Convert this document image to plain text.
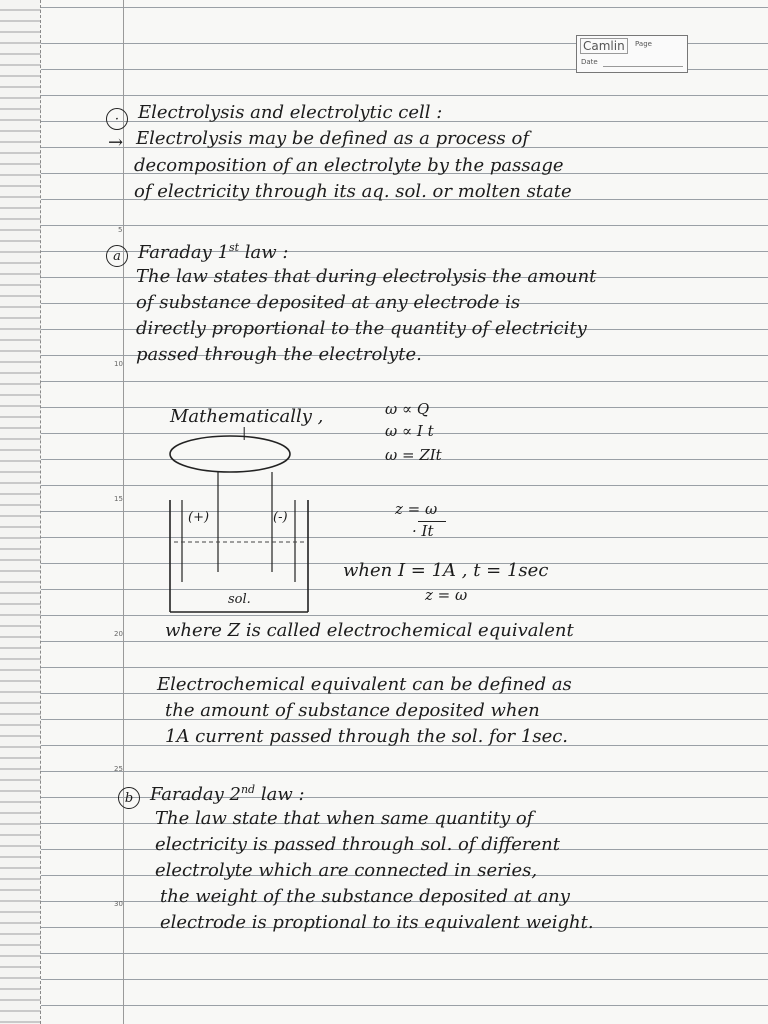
5
10
15
20
25
30
Camlin	Page
Date
·	Electrolysis and electrolytic cell :
→ Electrolysis may be defined as a process of
decomposition of an electrolyte by the passage
of electricity through its aq. sol. or molten state
a Faraday 1st law :
The law states that during electrolysis the amount
of substance deposited at any electrode is
directly proportional to the quantity of electricity
passed through the electrolyte.
Mathematically ,	ω ∝ Q
ω ∝ I t
ω = ZIt
z = ω
· It
when I = 1A , t = 1sec
z = ω
|
(+)	(-)
sol.
where Z is called electrochemical equivalent
Electrochemical equivalent can be defined as
the amount of substance deposited when
1A current passed through the sol. for 1sec.
b Faraday 2nd law :
The law state that when same quantity of
electricity is passed through sol. of different
electrolyte which are connected in series,
the weight of the substance deposited at any
electrode is proptional to its equivalent weight.
